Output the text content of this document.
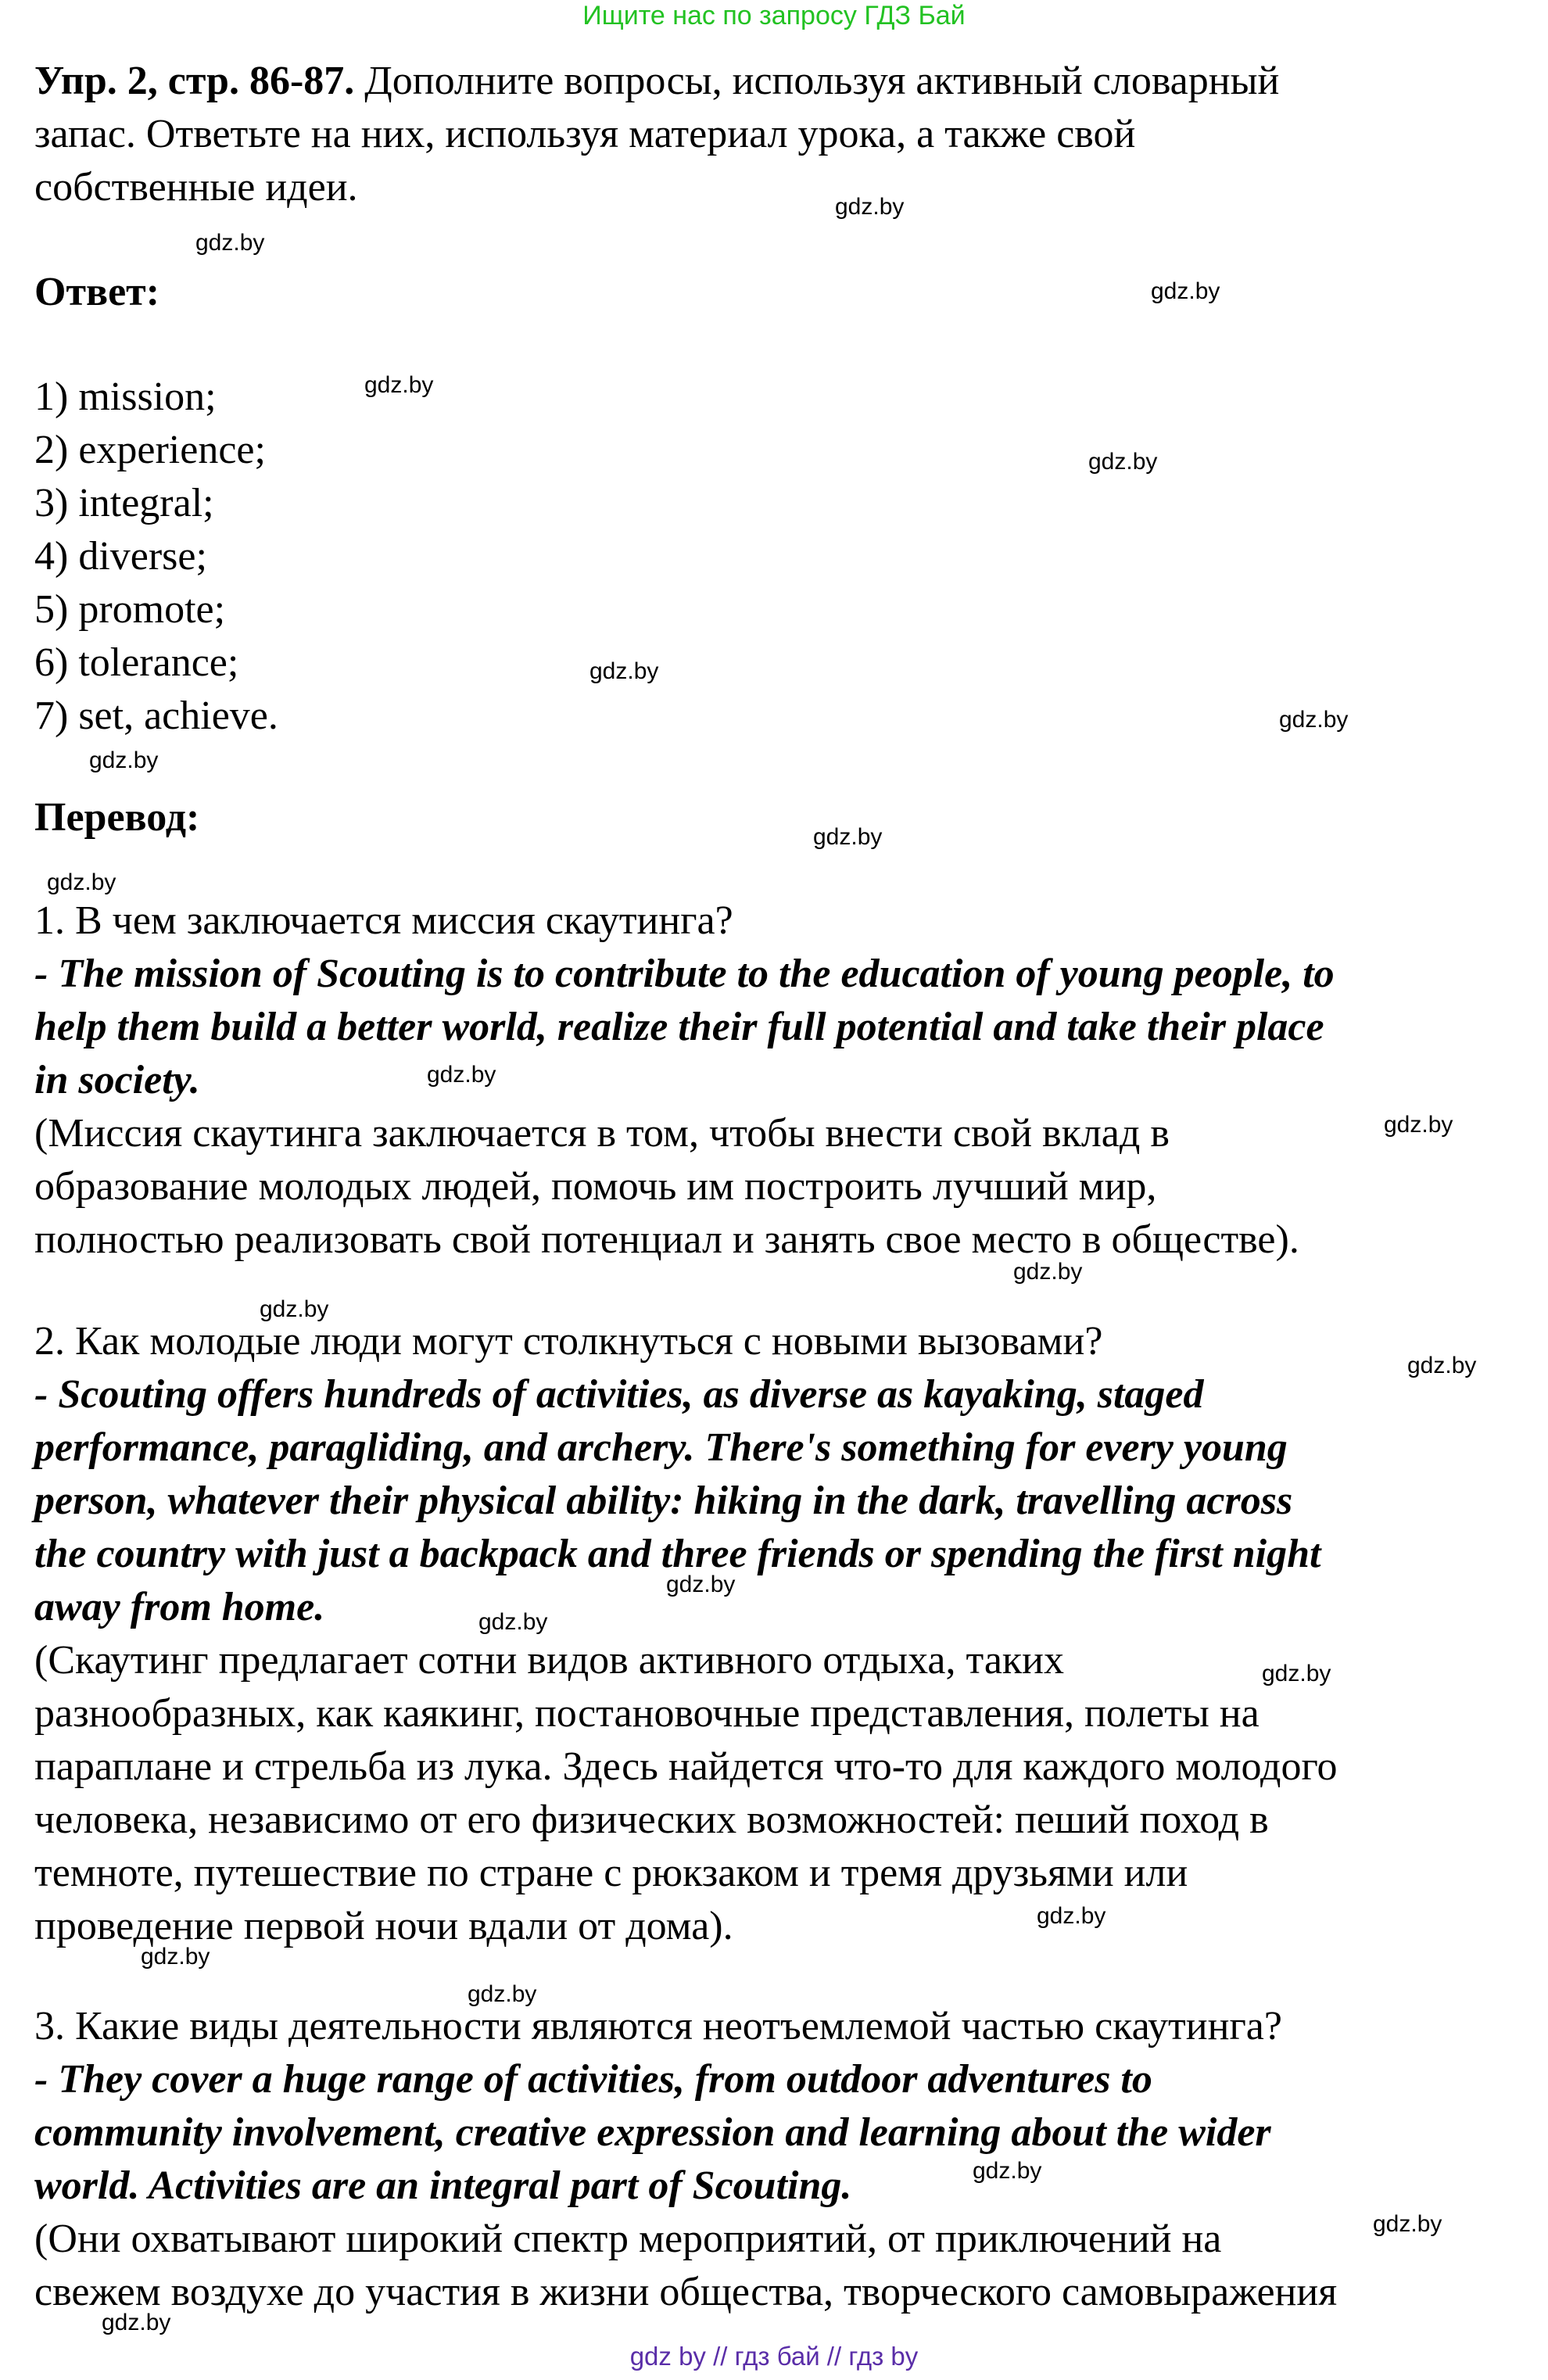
Ищите нас по запросу ГДЗ Бай
Упр. 2, стр. 86-87. Дополните вопросы, используя активный словарный
запас. Ответьте на них, используя материал урока, а также свой
собственные идеи.
Ответ:
1) mission;
2) experience;
3) integral;
4) diverse;
5) promote;
6) tolerance;
7) set, achieve.
Перевод:
1. В чем заключается миссия скаутинга?
- The mission of Scouting is to contribute to the education of young people, to
help them build a better world, realize their full potential and take their place
in society.
(Миссия скаутинга заключается в том, чтобы внести свой вклад в
образование молодых людей, помочь им построить лучший мир,
полностью реализовать свой потенциал и занять свое место в обществе).
2. Как молодые люди могут столкнуться с новыми вызовами?
- Scouting offers hundreds of activities, as diverse as kayaking, staged
performance, paragliding, and archery. There's something for every young
person, whatever their physical ability: hiking in the dark, travelling across
the country with just a backpack and three friends or spending the first night
away from home.
(Скаутинг предлагает сотни видов активного отдыха, таких
разнообразных, как каякинг, постановочные представления, полеты на
параплане и стрельба из лука. Здесь найдется что-то для каждого молодого
человека, независимо от его физических возможностей: пеший поход в
темноте, путешествие по стране с рюкзаком и тремя друзьями или
проведение первой ночи вдали от дома).
3. Какие виды деятельности являются неотъемлемой частью скаутинга?
- They cover a huge range of activities, from outdoor adventures to
community involvement, creative expression and learning about the wider
world. Activities are an integral part of Scouting.
(Они охватывают широкий спектр мероприятий, от приключений на
свежем воздухе до участия в жизни общества, творческого самовыражения
gdz.by
gdz.by
gdz.by
gdz.by
gdz.by
gdz.by
gdz.by
gdz.by
gdz.by
gdz.by
gdz.by
gdz.by
gdz.by
gdz.by
gdz.by
gdz.by
gdz.by
gdz.by
gdz.by
gdz.by
gdz.by
gdz.by
gdz.by
gdz.by
gdz by // гдз бай // гдз by
